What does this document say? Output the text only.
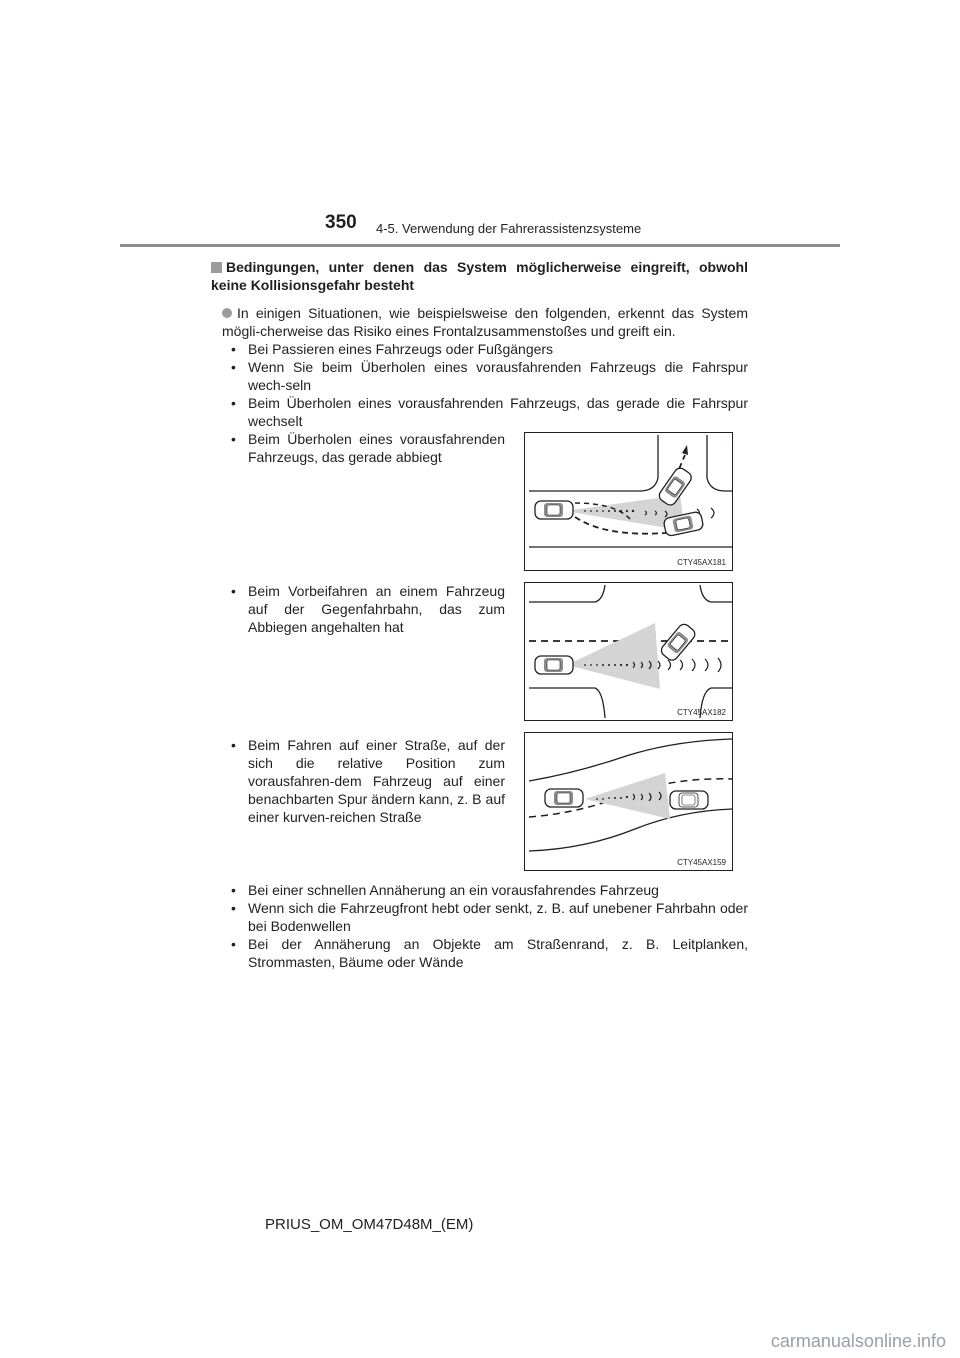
350 4-5. Verwendung der Fahrerassistenzsysteme
Bedingungen, unter denen das System möglicherweise eingreift, obwohl keine Kollisionsgefahr besteht
In einigen Situationen, wie beispielsweise den folgenden, erkennt das System mögli-cherweise das Risiko eines Frontalzusammenstoßes und greift ein.
• Bei Passieren eines Fahrzeugs oder Fußgängers
• Wenn Sie beim Überholen eines vorausfahrenden Fahrzeugs die Fahrspur wech-seln
• Beim Überholen eines vorausfahrenden Fahrzeugs, das gerade die Fahrspur wechselt
• Beim Überholen eines vorausfahrenden Fahrzeugs, das gerade abbiegt
• Beim Vorbeifahren an einem Fahrzeug auf der Gegenfahrbahn, das zum Abbiegen angehalten hat
• Beim Fahren auf einer Straße, auf der sich die relative Position zum vorausfahren-dem Fahrzeug auf einer benachbarten Spur ändern kann, z. B auf einer kurven-reichen Straße
CTY45AX181
CTY45AX182
CTY45AX159
• Bei einer schnellen Annäherung an ein vorausfahrendes Fahrzeug
• Wenn sich die Fahrzeugfront hebt oder senkt, z. B. auf unebener Fahrbahn oder bei Bodenwellen
• Bei der Annäherung an Objekte am Straßenrand, z. B. Leitplanken, Strommasten, Bäume oder Wände
PRIUS_OM_OM47D48M_(EM)
carmanualsonline.info
